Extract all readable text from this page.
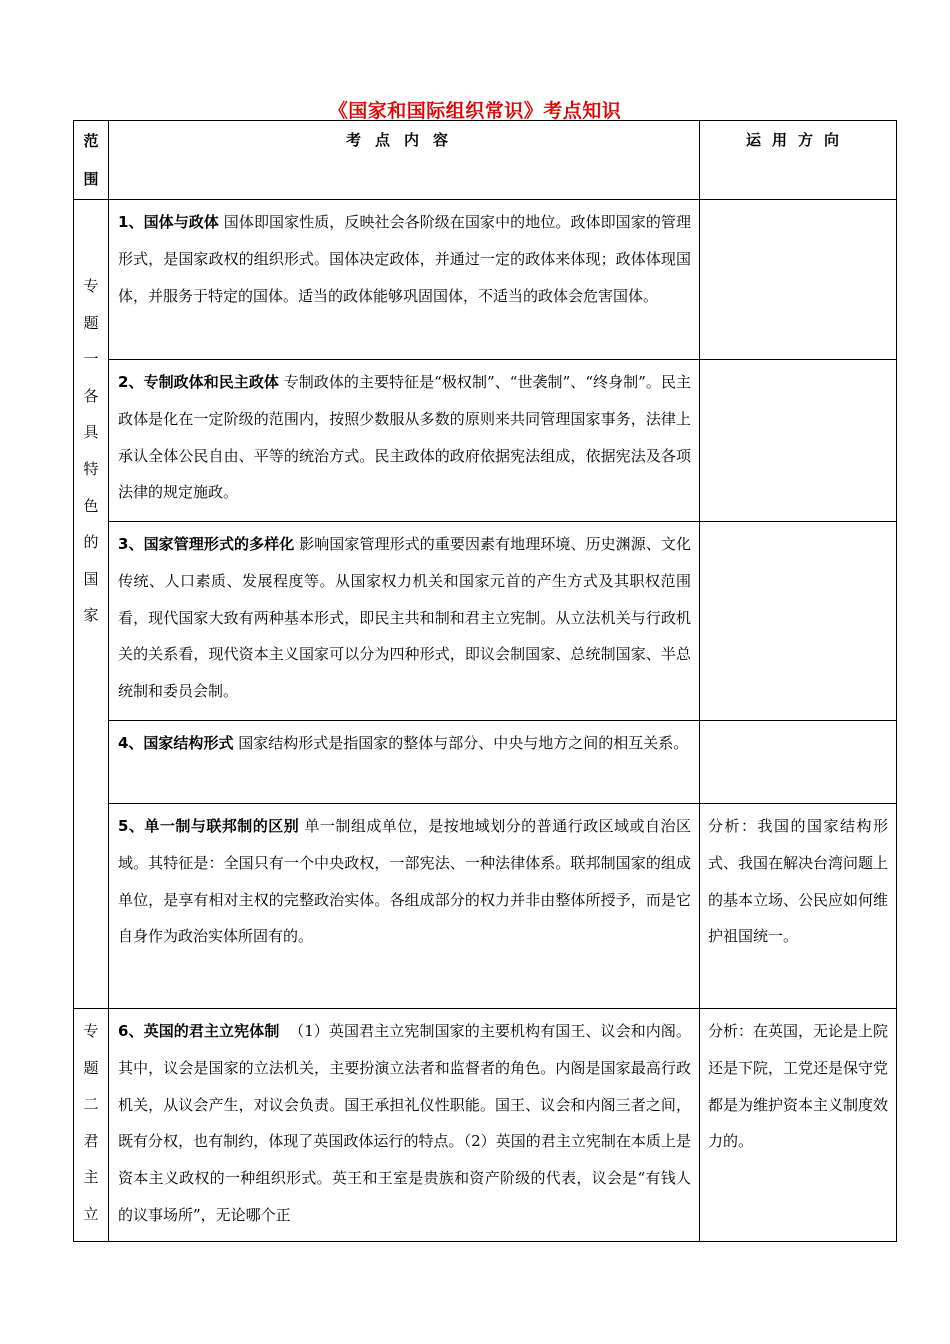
《国家和国际组织常识》考点知识
范围	考点内容	运用方向

专题一各具特色的国家	1、国体与政体 国体即国家性质，反映社会各阶级在国家中的地位。政体即国家的管理形式，是国家政权的组织形式。国体决定政体，并通过一定的政体来体现；政体体现国体，并服务于特定的国体。适当的政体能够巩固国体，不适当的政体会危害国体。	

	2、专制政体和民主政体 专制政体的主要特征是“极权制”、“世袭制”、“终身制”。民主政体是化在一定阶级的范围内，按照少数服从多数的原则来共同管理国家事务，法律上承认全体公民自由、平等的统治方式。民主政体的政府依据宪法组成，依据宪法及各项法律的规定施政。	

	3、国家管理形式的多样化 影响国家管理形式的重要因素有地理环境、历史渊源、文化传统、人口素质、发展程度等。从国家权力机关和国家元首的产生方式及其职权范围看，现代国家大致有两种基本形式，即民主共和制和君主立宪制。从立法机关与行政机关的关系看，现代资本主义国家可以分为四种形式，即议会制国家、总统制国家、半总统制和委员会制。	

	4、国家结构形式 国家结构形式是指国家的整体与部分、中央与地方之间的相互关系。	

	5、单一制与联邦制的区别 单一制组成单位，是按地域划分的普通行政区域或自治区域。其特征是：全国只有一个中央政权，一部宪法、一种法律体系。联邦制国家的组成单位，是享有相对主权的完整政治实体。各组成部分的权力并非由整体所授予，而是它自身作为政治实体所固有的。	分析：我国的国家结构形式、我国在解决台湾问题上的基本立场、公民应如何维护祖国统一。

专题二君主立	6、英国的君主立宪体制 （1）英国君主立宪制国家的主要机构有国王、议会和内阁。其中，议会是国家的立法机关，主要扮演立法者和监督者的角色。内阁是国家最高行政机关，从议会产生，对议会负责。国王承担礼仪性职能。国王、议会和内阁三者之间，既有分权，也有制约，体现了英国政体运行的特点。（2）英国的君主立宪制在本质上是资本主义政权的一种组织形式。英王和王室是贵族和资产阶级的代表，议会是“有钱人的议事场所”，无论哪个正	分析：在英国，无论是上院还是下院，工党还是保守党都是为维护资本主义制度效力的。
